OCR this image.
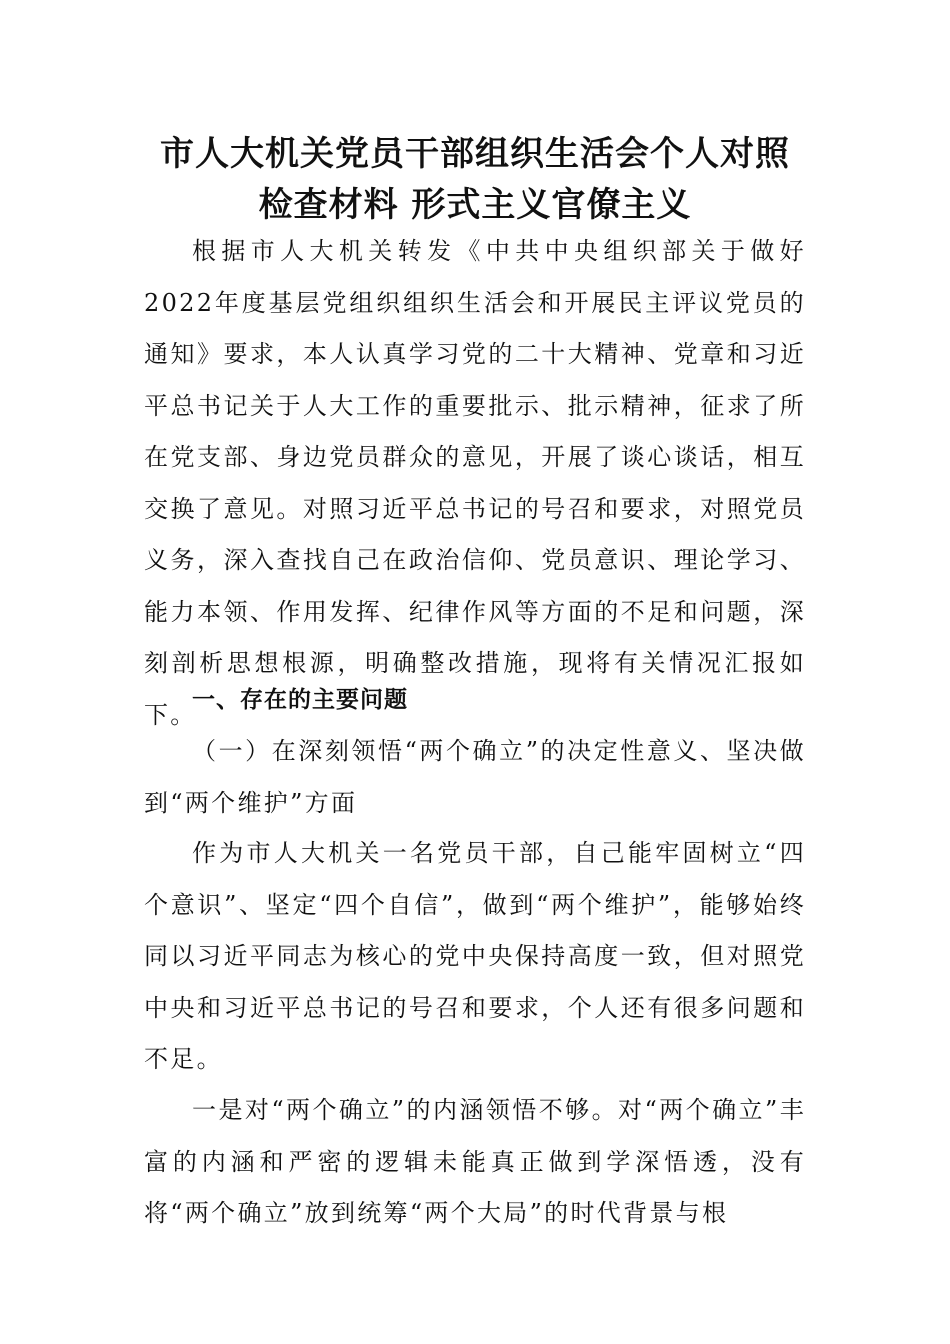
市人大机关党员干部组织生活会个人对照
检查材料 形式主义官僚主义

根据市人大机关转发《中共中央组织部关于做好2022年度基层党组织组织生活会和开展民主评议党员的通知》要求，本人认真学习党的二十大精神、党章和习近平总书记关于人大工作的重要批示、批示精神，征求了所在党支部、身边党员群众的意见，开展了谈心谈话，相互交换了意见。对照习近平总书记的号召和要求，对照党员义务，深入查找自己在政治信仰、党员意识、理论学习、能力本领、作用发挥、纪律作风等方面的不足和问题，深刻剖析思想根源，明确整改措施，现将有关情况汇报如下。

一、存在的主要问题

（一）在深刻领悟“两个确立”的决定性意义、坚决做到“两个维护”方面

作为市人大机关一名党员干部，自己能牢固树立“四个意识”、坚定“四个自信”，做到“两个维护”，能够始终同以习近平同志为核心的党中央保持高度一致，但对照党中央和习近平总书记的号召和要求，个人还有很多问题和不足。

一是对“两个确立”的内涵领悟不够。对“两个确立”丰富的内涵和严密的逻辑未能真正做到学深悟透，没有将“两个确立”放到统筹“两个大局”的时代背景与根
